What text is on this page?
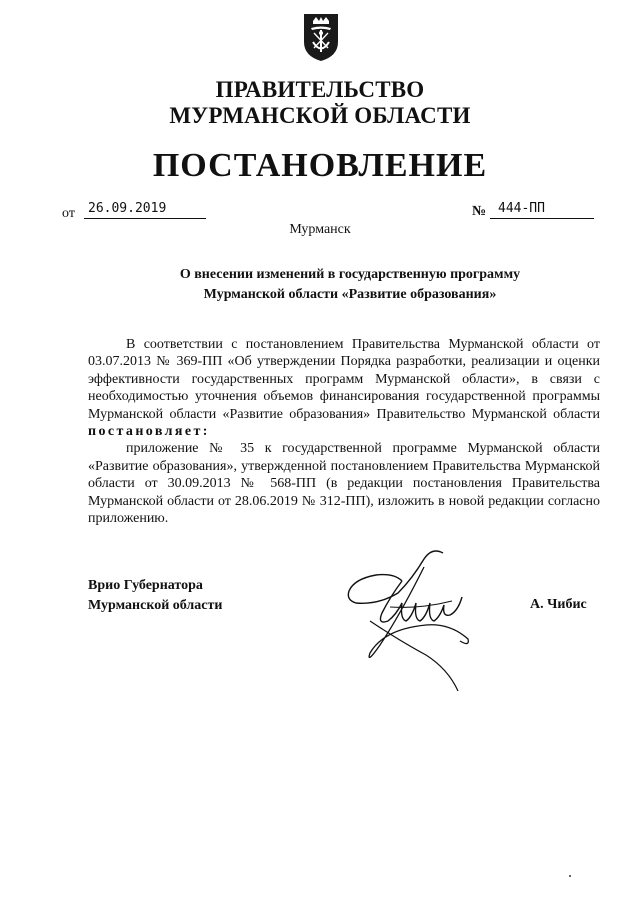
ПРАВИТЕЛЬСТВО
МУРМАНСКОЙ ОБЛАСТИ
ПОСТАНОВЛЕНИЕ
от	26.09.2019	№ 444-ПП
Мурманск
О внесении изменений в государственную программу
Мурманской области «Развитие образования»

В соответствии с постановлением Правительства Мурманской области от 03.07.2013 № 369-ПП «Об утверждении Порядка разработки, реализации и оценки эффективности государственных программ Мурманской области», в связи с необходимостью уточнения объемов финансирования государственной программы Мурманской области «Развитие образования» Правительство Мурманской области постановляет:

приложение № 35 к государственной программе Мурманской области «Развитие образования», утвержденной постановлением Правительства Мурманской области от 30.09.2013 № 568-ПП (в редакции постановления Правительства Мурманской области от 28.06.2019 № 312-ПП), изложить в новой редакции согласно приложению.

Врио Губернатора
Мурманской области	А. Чибис
